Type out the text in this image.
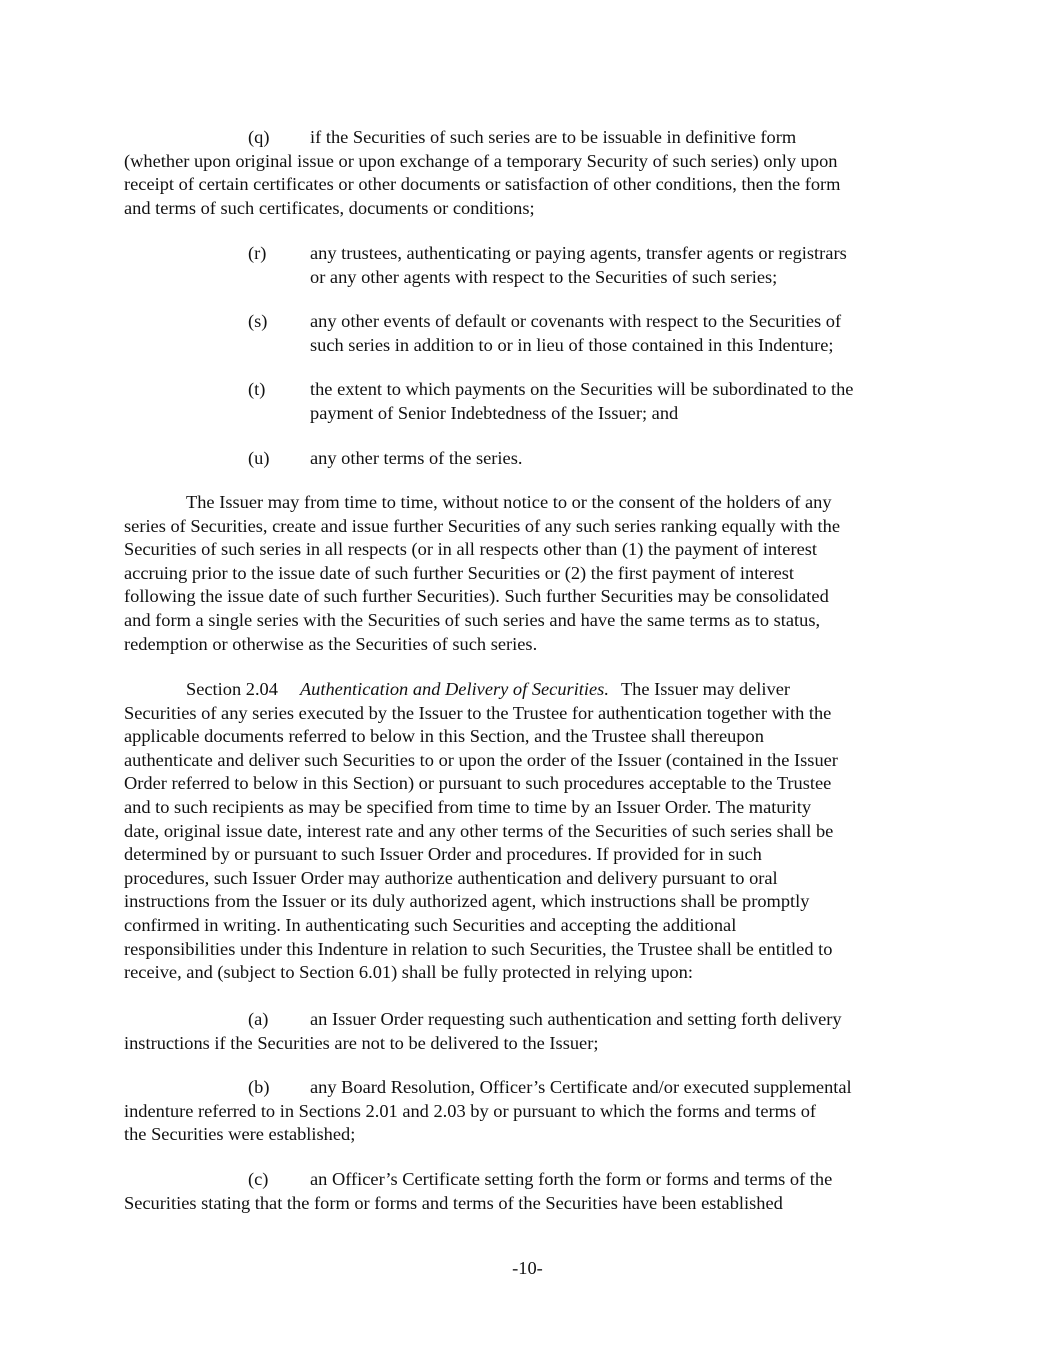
(q) if the Securities of such series are to be issuable in definitive form
(whether upon original issue or upon exchange of a temporary Security of such series) only upon
receipt of certain certificates or other documents or satisfaction of other conditions, then the form
and terms of such certificates, documents or conditions;
(r) any trustees, authenticating or paying agents, transfer agents or registrars
or any other agents with respect to the Securities of such series;
(s) any other events of default or covenants with respect to the Securities of
such series in addition to or in lieu of those contained in this Indenture;
(t) the extent to which payments on the Securities will be subordinated to the
payment of Senior Indebtedness of the Issuer; and
(u) any other terms of the series.
The Issuer may from time to time, without notice to or the consent of the holders of any
series of Securities, create and issue further Securities of any such series ranking equally with the
Securities of such series in all respects (or in all respects other than (1) the payment of interest
accruing prior to the issue date of such further Securities or (2) the first payment of interest
following the issue date of such further Securities). Such further Securities may be consolidated
and form a single series with the Securities of such series and have the same terms as to status,
redemption or otherwise as the Securities of such series.
Section 2.04 Authentication and Delivery of Securities. The Issuer may deliver
Securities of any series executed by the Issuer to the Trustee for authentication together with the
applicable documents referred to below in this Section, and the Trustee shall thereupon
authenticate and deliver such Securities to or upon the order of the Issuer (contained in the Issuer
Order referred to below in this Section) or pursuant to such procedures acceptable to the Trustee
and to such recipients as may be specified from time to time by an Issuer Order. The maturity
date, original issue date, interest rate and any other terms of the Securities of such series shall be
determined by or pursuant to such Issuer Order and procedures. If provided for in such
procedures, such Issuer Order may authorize authentication and delivery pursuant to oral
instructions from the Issuer or its duly authorized agent, which instructions shall be promptly
confirmed in writing. In authenticating such Securities and accepting the additional
responsibilities under this Indenture in relation to such Securities, the Trustee shall be entitled to
receive, and (subject to Section 6.01) shall be fully protected in relying upon:
(a) an Issuer Order requesting such authentication and setting forth delivery
instructions if the Securities are not to be delivered to the Issuer;
(b) any Board Resolution, Officer’s Certificate and/or executed supplemental
indenture referred to in Sections 2.01 and 2.03 by or pursuant to which the forms and terms of
the Securities were established;
(c) an Officer’s Certificate setting forth the form or forms and terms of the
Securities stating that the form or forms and terms of the Securities have been established
-10-
